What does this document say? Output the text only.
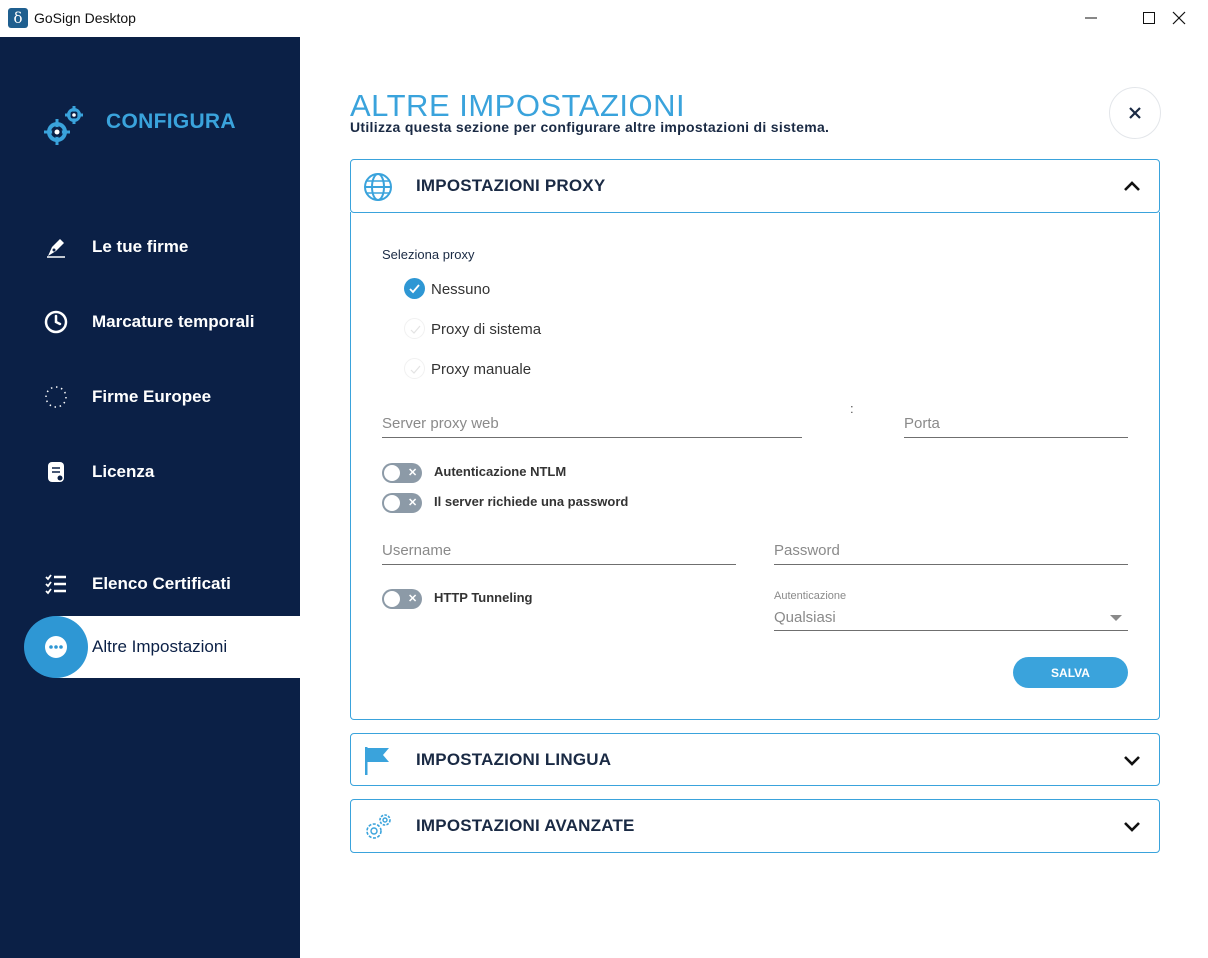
δ GoSign Desktop
CONFIGURA
Le tue firme
Marcature temporali
Firme Europee
Licenza
Elenco Certificati
Altre Impostazioni
ALTRE IMPOSTAZIONI
Utilizza questa sezione per configurare altre impostazioni di sistema.
IMPOSTAZIONI PROXY
Seleziona proxy
Nessuno
Proxy di sistema
Proxy manuale
Server proxy web
:
Porta
✕ Autenticazione NTLM
✕ Il server richiede una password
Username
✕ HTTP Tunneling	Autenticazione
Qualsiasi
SALVA
IMPOSTAZIONI LINGUA
IMPOSTAZIONI AVANZATE
